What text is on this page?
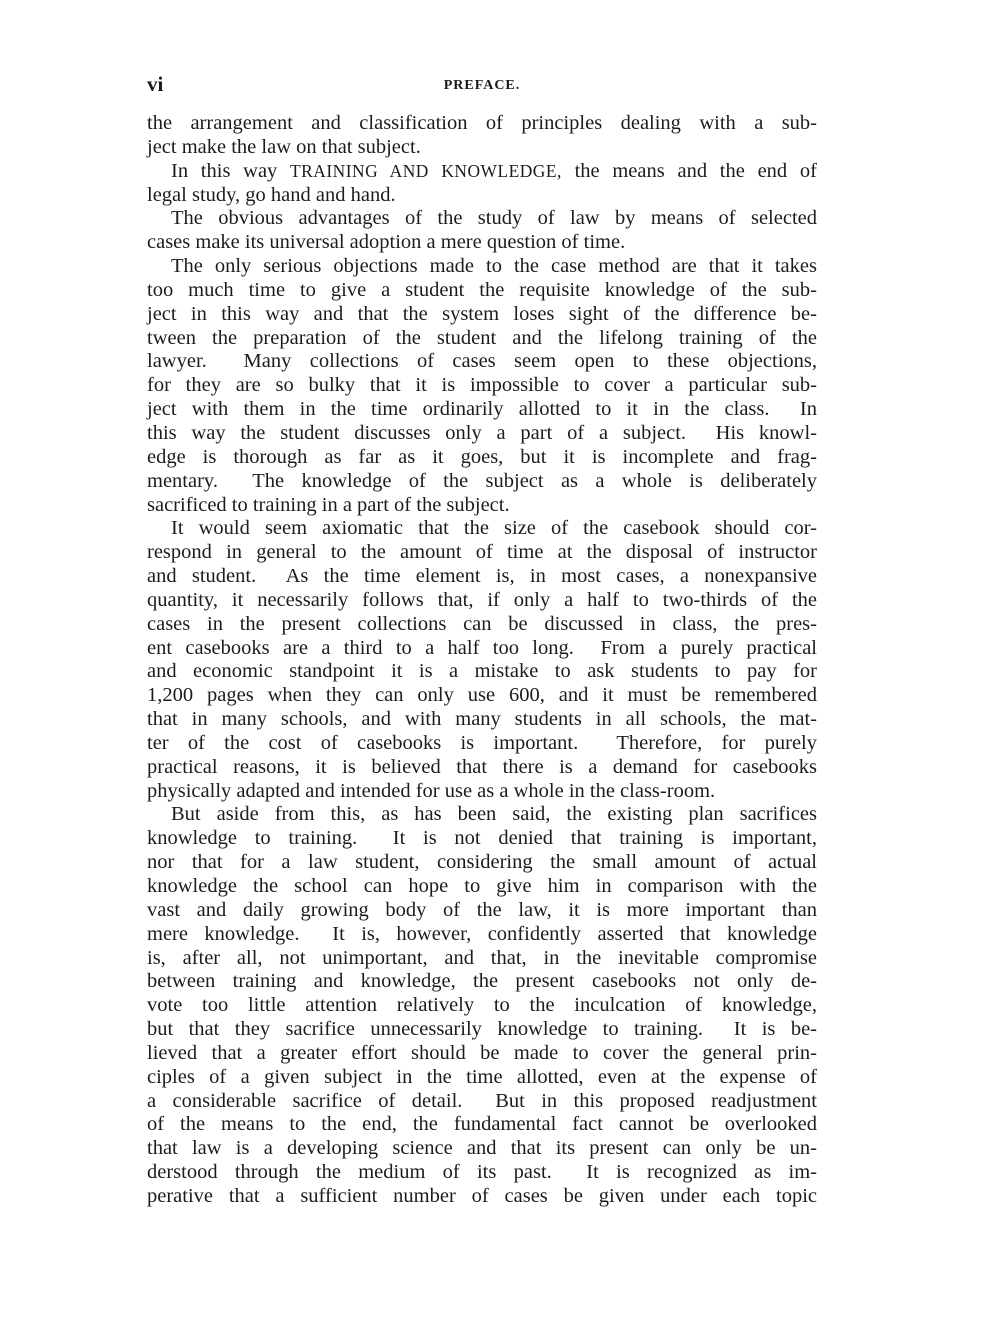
vi	PREFACE.
the arrangement and classification of principles dealing with a sub-
ject make the law on that subject.
In this way TRAINING AND KNOWLEDGE, the means and the end of
legal study, go hand and hand.
The obvious advantages of the study of law by means of selected
cases make its universal adoption a mere question of time.
The only serious objections made to the case method are that it takes
too much time to give a student the requisite knowledge of the sub-
ject in this way and that the system loses sight of the difference be-
tween the preparation of the student and the lifelong training of the
lawyer.  Many collections of cases seem open to these objections,
for they are so bulky that it is impossible to cover a particular sub-
ject with them in the time ordinarily allotted to it in the class.  In
this way the student discusses only a part of a subject.  His knowl-
edge is thorough as far as it goes, but it is incomplete and frag-
mentary.  The knowledge of the subject as a whole is deliberately
sacrificed to training in a part of the subject.
It would seem axiomatic that the size of the casebook should cor-
respond in general to the amount of time at the disposal of instructor
and student.  As the time element is, in most cases, a nonexpansive
quantity, it necessarily follows that, if only a half to two-thirds of the
cases in the present collections can be discussed in class, the pres-
ent casebooks are a third to a half too long.  From a purely practical
and economic standpoint it is a mistake to ask students to pay for
1,200 pages when they can only use 600, and it must be remembered
that in many schools, and with many students in all schools, the mat-
ter of the cost of casebooks is important.  Therefore, for purely
practical reasons, it is believed that there is a demand for casebooks
physically adapted and intended for use as a whole in the class-room.
But aside from this, as has been said, the existing plan sacrifices
knowledge to training.  It is not denied that training is important,
nor that for a law student, considering the small amount of actual
knowledge the school can hope to give him in comparison with the
vast and daily growing body of the law, it is more important than
mere knowledge.  It is, however, confidently asserted that knowledge
is, after all, not unimportant, and that, in the inevitable compromise
between training and knowledge, the present casebooks not only de-
vote too little attention relatively to the inculcation of knowledge,
but that they sacrifice unnecessarily knowledge to training.  It is be-
lieved that a greater effort should be made to cover the general prin-
ciples of a given subject in the time allotted, even at the expense of
a considerable sacrifice of detail.  But in this proposed readjustment
of the means to the end, the fundamental fact cannot be overlooked
that law is a developing science and that its present can only be un-
derstood through the medium of its past.  It is recognized as im-
perative that a sufficient number of cases be given under each topic
